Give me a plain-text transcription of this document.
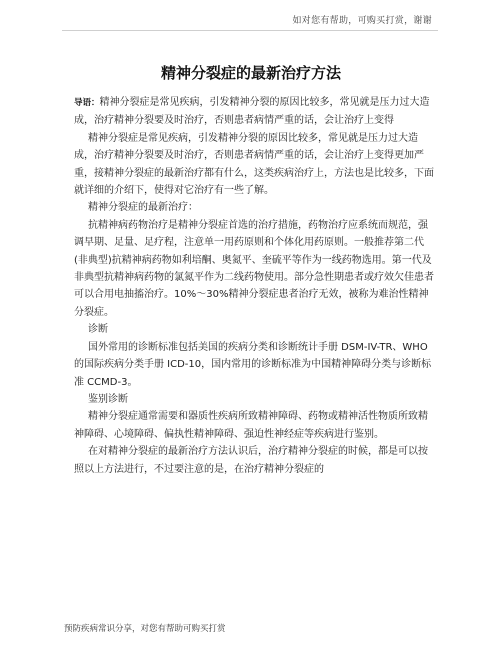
如对您有帮助，可购买打赏，谢谢
精神分裂症的最新治疗方法

导语：精神分裂症是常见疾病，引发精神分裂的原因比较多，常见就是压力过大造成，治疗精神分裂要及时治疗，否则患者病情严重的话，会让治疗上变得

精神分裂症是常见疾病，引发精神分裂的原因比较多，常见就是压力过大造成，治疗精神分裂要及时治疗，否则患者病情严重的话，会让治疗上变得更加严重，接精神分裂症的最新治疗都有什么，这类疾病治疗上，方法也是比较多，下面就详细的介绍下，使得对它治疗有一些了解。

精神分裂症的最新治疗：

抗精神病药物治疗是精神分裂症首选的治疗措施，药物治疗应系统而规范，强调早期、足量、足疗程，注意单一用药原则和个体化用药原则。一般推荐第二代(非典型)抗精神病药物如利培酮、奥氮平、奎硫平等作为一线药物选用。第一代及非典型抗精神病药物的氯氮平作为二线药物使用。部分急性期患者或疗效欠佳患者可以合用电抽搐治疗。10%～30%精神分裂症患者治疗无效，被称为难治性精神分裂症。

诊断

国外常用的诊断标准包括美国的疾病分类和诊断统计手册 DSM-IV-TR、WHO 的国际疾病分类手册 ICD-10，国内常用的诊断标准为中国精神障碍分类与诊断标准 CCMD-3。

鉴别诊断

精神分裂症通常需要和器质性疾病所致精神障碍、药物或精神活性物质所致精神障碍、心境障碍、偏执性精神障碍、强迫性神经症等疾病进行鉴别。

在对精神分裂症的最新治疗方法认识后，治疗精神分裂症的时候，都是可以按照以上方法进行，不过要注意的是，在治疗精神分裂症的

预防疾病常识分享，对您有帮助可购买打赏
